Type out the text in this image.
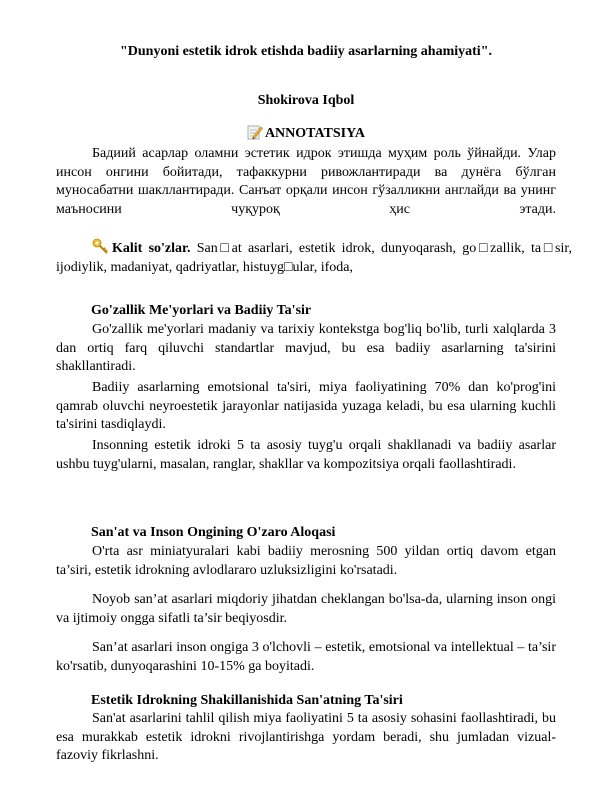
"Dunyoni estetik idrok etishda badiiy asarlarning ahamiyati".
Shokirova Iqbol
ANNOTATSIYA
Бадиий асарлар оламни эстетик идрок этишда муҳим роль ўйнайди. Улар инсон онгини бойитади, тафаккурни ривожлантиради ва дунёга бўлган муносабатни шакллантиради. Санъат орқали инсон гўзалликни англайди ва унинг маъносини чуқуроқ ҳис этади.
Kalit so'zlar. San□at asarlari, estetik idrok, dunyoqarash, go□zallik, ta□sir, ijodiylik, madaniyat, qadriyatlar, histuyg□ular, ifoda,
Go'zallik Me'yorlari va Badiiy Ta'sir
Go'zallik me'yorlari madaniy va tarixiy kontekstga bog'liq bo'lib, turli xalqlarda 3 dan ortiq farq qiluvchi standartlar mavjud, bu esa badiiy asarlarning ta'sirini shakllantiradi.
Badiiy asarlarning emotsional ta'siri, miya faoliyatining 70% dan ko'prog'ini qamrab oluvchi neyroestetik jarayonlar natijasida yuzaga keladi, bu esa ularning kuchli ta'sirini tasdiqlaydi.
Insonning estetik idroki 5 ta asosiy tuyg'u orqali shakllanadi va badiiy asarlar ushbu tuyg'ularni, masalan, ranglar, shakllar va kompozitsiya orqali faollashtiradi.
San'at va Inson Ongining O'zaro Aloqasi
O'rta asr miniatyuralari kabi badiiy merosning 500 yildan ortiq davom etgan ta’siri, estetik idrokning avlodlararo uzluksizligini ko'rsatadi.
Noyob san’at asarlari miqdoriy jihatdan cheklangan bo'lsa-da, ularning inson ongi va ijtimoiy ongga sifatli ta’sir beqiyosdir.
San’at asarlari inson ongiga 3 o'lchovli – estetik, emotsional va intellektual – ta’sir ko'rsatib, dunyoqarashini 10-15% ga boyitadi.
Estetik Idrokning Shakillanishida San'atning Ta'siri
San'at asarlarini tahlil qilish miya faoliyatini 5 ta asosiy sohasini faollashtiradi, bu esa murakkab estetik idrokni rivojlantirishga yordam beradi, shu jumladan vizual-fazoviy fikrlashni.
